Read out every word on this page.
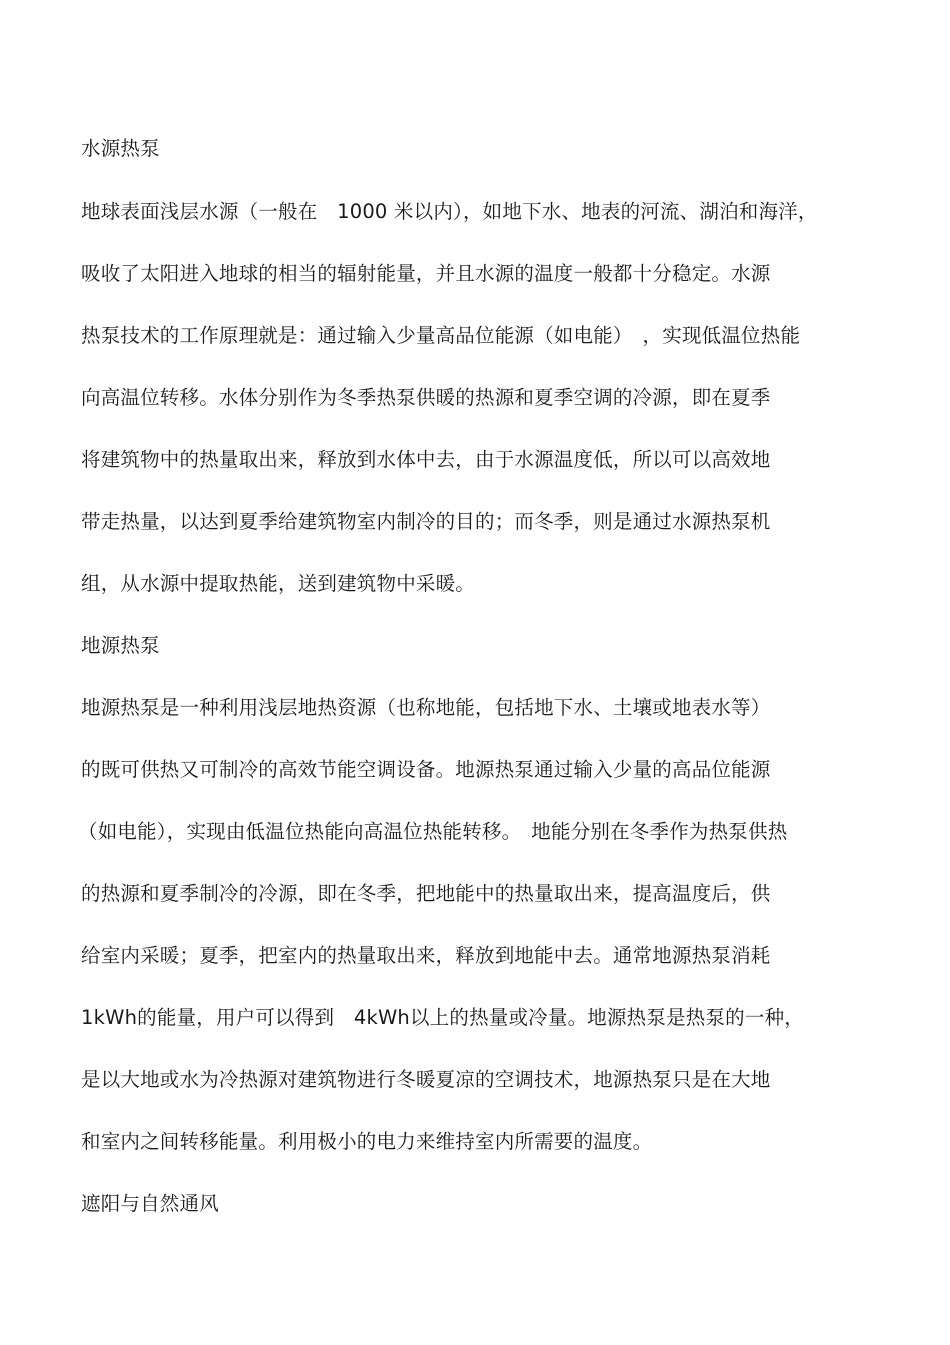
水源热泵
地球表面浅层水源（一般在　1000 米以内），如地下水、地表的河流、湖泊和海洋，
吸收了太阳进入地球的相当的辐射能量，并且水源的温度一般都十分稳定。水源
热泵技术的工作原理就是：通过输入少量高品位能源（如电能）　，实现低温位热能
向高温位转移。水体分别作为冬季热泵供暖的热源和夏季空调的冷源，即在夏季
将建筑物中的热量取出来，释放到水体中去，由于水源温度低，所以可以高效地
带走热量，以达到夏季给建筑物室内制冷的目的；而冬季，则是通过水源热泵机
组，从水源中提取热能，送到建筑物中采暖。
地源热泵
地源热泵是一种利用浅层地热资源（也称地能，包括地下水、土壤或地表水等）
的既可供热又可制冷的高效节能空调设备。地源热泵通过输入少量的高品位能源
（如电能），实现由低温位热能向高温位热能转移。　地能分别在冬季作为热泵供热
的热源和夏季制冷的冷源，即在冬季，把地能中的热量取出来，提高温度后，供
给室内采暖；夏季，把室内的热量取出来，释放到地能中去。通常地源热泵消耗
1kWh的能量，用户可以得到　4kWh以上的热量或冷量。地源热泵是热泵的一种，
是以大地或水为冷热源对建筑物进行冬暖夏凉的空调技术，地源热泵只是在大地
和室内之间转移能量。利用极小的电力来维持室内所需要的温度。
遮阳与自然通风
